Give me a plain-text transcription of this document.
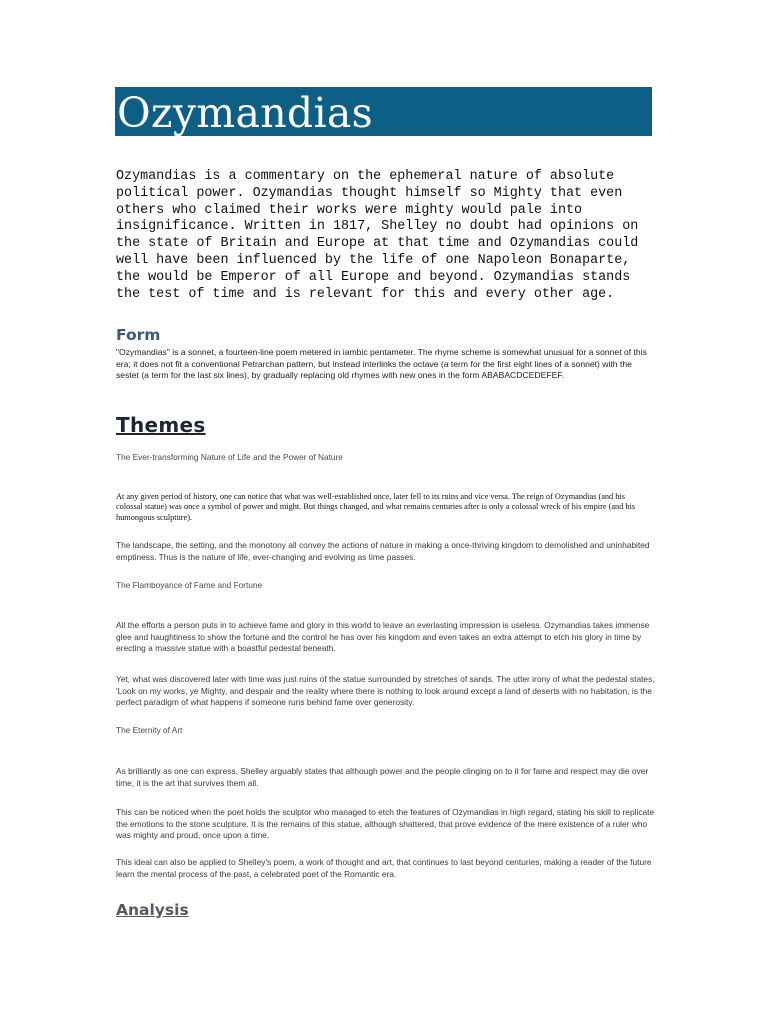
Ozymandias

Ozymandias is a commentary on the ephemeral nature of absolute political power. Ozymandias thought himself so Mighty that even others who claimed their works were mighty would pale into insignificance. Written in 1817, Shelley no doubt had opinions on the state of Britain and Europe at that time and Ozymandias could well have been influenced by the life of one Napoleon Bonaparte, the would be Emperor of all Europe and beyond. Ozymandias stands the test of time and is relevant for this and every other age.

Form

"Ozymandias" is a sonnet, a fourteen-line poem metered in iambic pentameter. The rhyme scheme is somewhat unusual for a sonnet of this era; it does not fit a conventional Petrarchan pattern, but instead interlinks the octave (a term for the first eight lines of a sonnet) with the sestet (a term for the last six lines), by gradually replacing old rhymes with new ones in the form ABABACDCEDEFEF.

Themes

The Ever-transforming Nature of Life and the Power of Nature

At any given period of history, one can notice that what was well-established once, later fell to its ruins and vice versa. The reign of Ozymandias (and his colossal statue) was once a symbol of power and might. But things changed, and what remains centuries after is only a colossal wreck of his empire (and his humongous sculpture).

The landscape, the setting, and the monotony all convey the actions of nature in making a once-thriving kingdom to demolished and uninhabited emptiness. Thus is the nature of life, ever-changing and evolving as time passes.

The Flamboyance of Fame and Fortune

All the efforts a person puts in to achieve fame and glory in this world to leave an everlasting impression is useless. Ozymandias takes immense glee and haughtiness to show the fortune and the control he has over his kingdom and even takes an extra attempt to etch his glory in time by erecting a massive statue with a boastful pedestal beneath.

Yet, what was discovered later with time was just ruins of the statue surrounded by stretches of sands. The utter irony of what the pedestal states, 'Look on my works, ye Mighty, and despair and the reality where there is nothing to look around except a land of deserts with no habitation, is the perfect paradigm of what happens if someone runs behind fame over generosity.

The Eternity of Art

As brilliantly as one can express, Shelley arguably states that although power and the people clinging on to it for fame and respect may die over time, it is the art that survives them all.

This can be noticed when the poet holds the sculptor who managed to etch the features of Ozymandias in high regard, stating his skill to replicate the emotions to the stone sculpture. It is the remains of this statue, although shattered, that prove evidence of the mere existence of a ruler who was mighty and proud, once upon a time.

This ideal can also be applied to Shelley's poem, a work of thought and art, that continues to last beyond centuries, making a reader of the future learn the mental process of the past, a celebrated poet of the Romantic era.

Analysis
